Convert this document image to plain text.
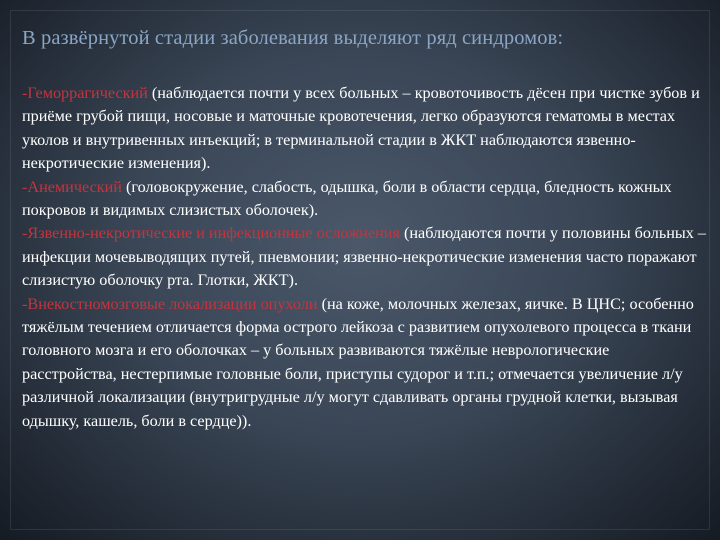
В развёрнутой стадии заболевания выделяют ряд синдромов:

-Геморрагический (наблюдается почти у всех больных – кровоточивость дёсен при чистке зубов и приёме грубой пищи, носовые и маточные кровотечения, легко образуются гематомы в местах уколов и внутривенных инъекций; в терминальной стадии в ЖКТ наблюдаются язвенно-некротические изменения).

-Анемический (головокружение, слабость, одышка, боли в области сердца, бледность кожных покровов и видимых слизистых оболочек).

-Язвенно-некротические и инфекционные осложнения (наблюдаются почти у половины больных – инфекции мочевыводящих путей, пневмонии; язвенно-некротические изменения часто поражают слизистую оболочку рта. Глотки, ЖКТ).

-Внекостномозговые локализации опухоли (на коже, молочных железах, яичке. В ЦНС; особенно тяжёлым течением отличается форма острого лейкоза с развитием опухолевого процесса в ткани головного мозга и его оболочках – у больных развиваются тяжёлые неврологические расстройства, нестерпимые головные боли, приступы судорог и т.п.; отмечается увеличение л/у различной локализации (внутригрудные л/у могут сдавливать органы грудной клетки, вызывая одышку, кашель, боли в сердце)).
